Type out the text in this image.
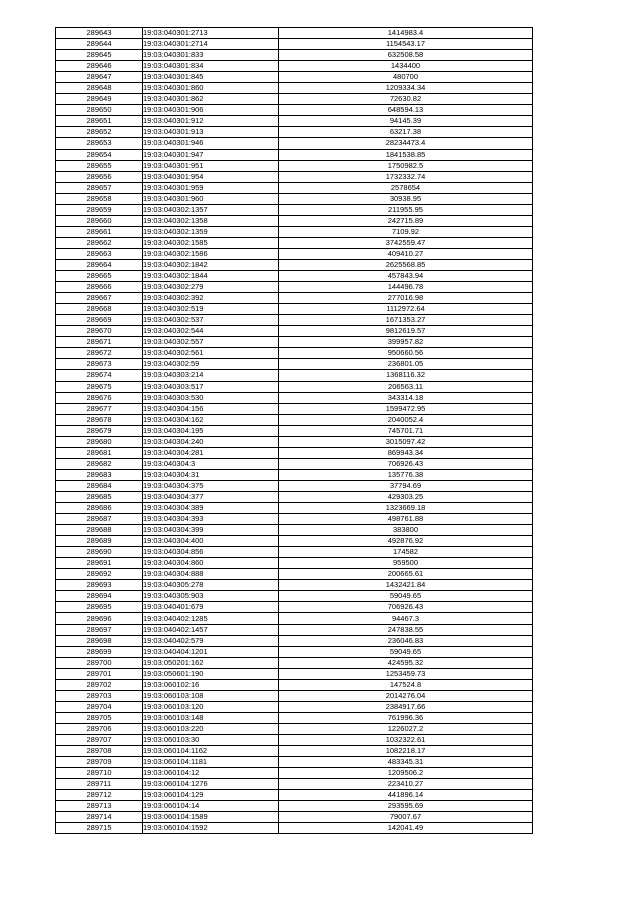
289643	19:03:040301:2713	1414983.4
289644	19:03:040301:2714	1154543.17
289645	19:03:040301:833	632508.58
289646	19:03:040301:834	1434400
289647	19:03:040301:845	480700
289648	19:03:040301:860	1209334.34
289649	19:03:040301:862	72630.82
289650	19:03:040301:906	648594.13
289651	19:03:040301:912	94145.39
289652	19:03:040301:913	63217.38
289653	19:03:040301:946	28234473.4
289654	19:03:040301:947	1841538.85
289655	19:03:040301:951	1750982.5
289656	19:03:040301:954	1732332.74
289657	19:03:040301:959	2578654
289658	19:03:040301:960	30938.95
289659	19:03:040302:1357	211955.95
289660	19:03:040302:1358	242715.89
289661	19:03:040302:1359	7109.92
289662	19:03:040302:1585	3742559.47
289663	19:03:040302:1586	409410.27
289664	19:03:040302:1842	2625568.85
289665	19:03:040302:1844	457843.94
289666	19:03:040302:279	144496.78
289667	19:03:040302:392	277016.98
289668	19:03:040302:519	1112972.64
289669	19:03:040302:537	1671353.27
289670	19:03:040302:544	9812619.57
289671	19:03:040302:557	399957.82
289672	19:03:040302:561	950660.56
289673	19:03:040302:59	236801.05
289674	19:03:040303:214	1368116.32
289675	19:03:040303:517	206563.11
289676	19:03:040303:530	343314.18
289677	19:03:040304:156	1599472.95
289678	19:03:040304:162	2040052.4
289679	19:03:040304:195	745701.71
289680	19:03:040304:240	3015097.42
289681	19:03:040304:281	869943.34
289682	19:03:040304:3	706926.43
289683	19:03:040304:31	135776.38
289684	19:03:040304:375	37794.69
289685	19:03:040304:377	429303.25
289686	19:03:040304:389	1323669.18
289687	19:03:040304:393	498761.88
289688	19:03:040304:399	383800
289689	19:03:040304:400	492876.92
289690	19:03:040304:856	174582
289691	19:03:040304:860	959500
289692	19:03:040304:888	200665.61
289693	19:03:040305:278	1432421.84
289694	19:03:040305:903	59049.65
289695	19:03:040401:679	706926.43
289696	19:03:040402:1285	94467.3
289697	19:03:040402:1457	247838.55
289698	19:03:040402:579	236046.83
289699	19:03:040404:1201	59049.65
289700	19:03:050201:162	424595.32
289701	19:03:050601:190	1253459.73
289702	19:03:060102:16	147524.8
289703	19:03:060103:108	2014276.04
289704	19:03:060103:120	2384917.66
289705	19:03:060103:148	761996.36
289706	19:03:060103:220	1226027.2
289707	19:03:060103:30	1032322.61
289708	19:03:060104:1162	1082218.17
289709	19:03:060104:1181	483345.31
289710	19:03:060104:12	1209506.2
289711	19:03:060104:1276	223410.27
289712	19:03:060104:129	441896.14
289713	19:03:060104:14	293595.69
289714	19:03:060104:1589	79007.67
289715	19:03:060104:1592	142041.49
